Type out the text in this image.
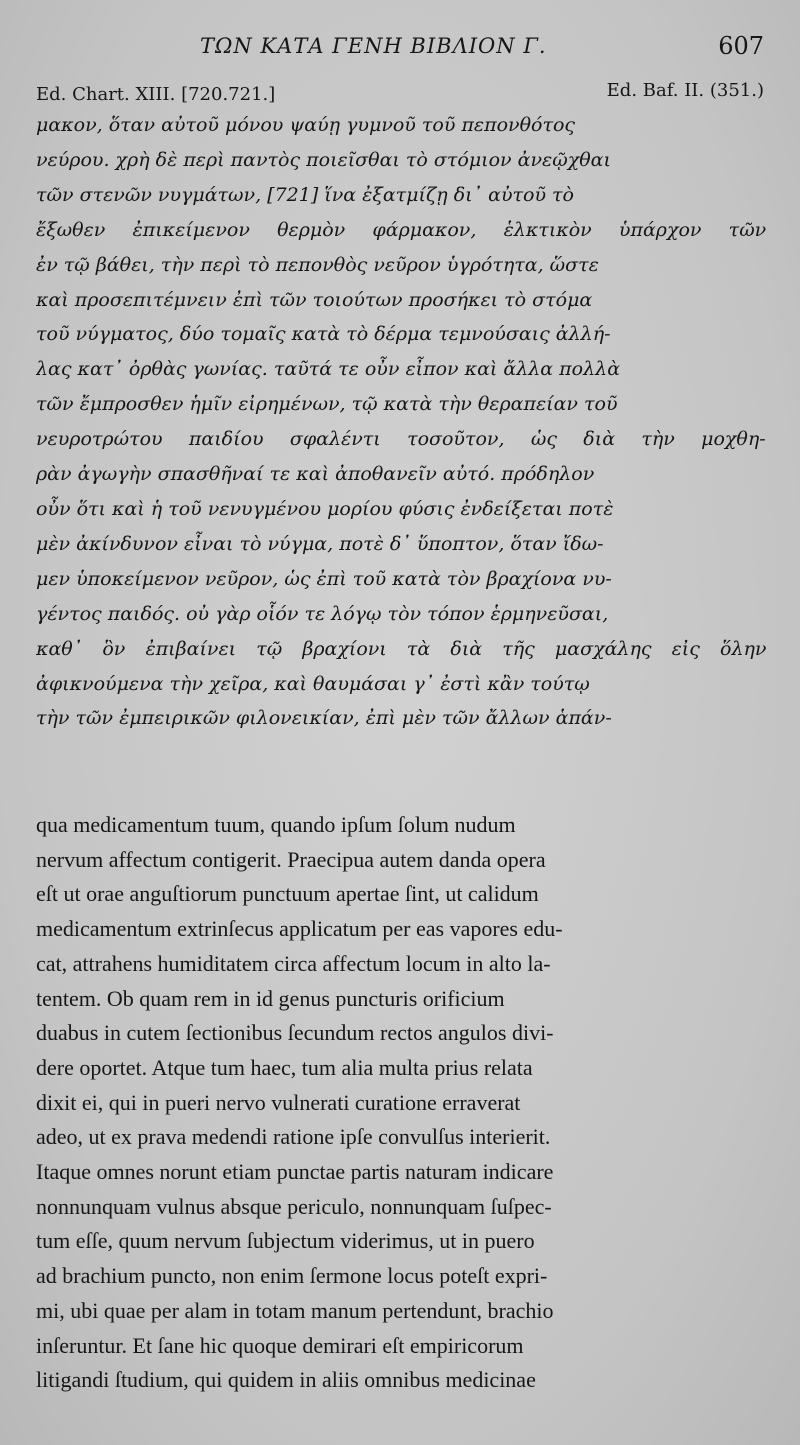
ΤΩΝ ΚΑΤΑ ΓΕΝΗ ΒΙΒΛΙΟΝ Γ.	607
Ed. Chart. XIII. [720.721.]	Ed. Baf. II. (351.)
μακον, ὅταν αὐτοῦ μόνου ψαύῃ γυμνοῦ τοῦ πεπονθότος
νεύρου. χρὴ δὲ περὶ παντὸς ποιεῖσθαι τὸ στόμιον ἀνεῷχθαι
τῶν στενῶν νυγμάτων, [721] ἵνα ἐξατμίζῃ δι᾽ αὐτοῦ τὸ
ἔξωθεν ἐπικείμενον θερμὸν φάρμακον, ἑλκτικὸν ὑπάρχον τῶν
ἐν τῷ βάθει, τὴν περὶ τὸ πεπονθὸς νεῦρον ὑγρότητα, ὥστε
καὶ προσεπιτέμνειν ἐπὶ τῶν τοιούτων προσήκει τὸ στόμα
τοῦ νύγματος, δύο τομαῖς κατὰ τὸ δέρμα τεμνούσαις ἀλλή-
λας κατ᾽ ὀρθὰς γωνίας. ταῦτά τε οὖν εἶπον καὶ ἄλλα πολλὰ
τῶν ἔμπροσθεν ἡμῖν εἰρημένων, τῷ κατὰ τὴν θεραπείαν τοῦ
νευροτρώτου παιδίου σφαλέντι τοσοῦτον, ὡς διὰ τὴν μοχθη-
ρὰν ἀγωγὴν σπασθῆναί τε καὶ ἀποθανεῖν αὐτό. πρόδηλον
οὖν ὅτι καὶ ἡ τοῦ νενυγμένου μορίου φύσις ἐνδείξεται ποτὲ
μὲν ἀκίνδυνον εἶναι τὸ νύγμα, ποτὲ δ᾽ ὕποπτον, ὅταν ἴδω-
μεν ὑποκείμενον νεῦρον, ὡς ἐπὶ τοῦ κατὰ τὸν βραχίονα νυ-
γέντος παιδός. οὐ γὰρ οἷόν τε λόγῳ τὸν τόπον ἑρμηνεῦσαι,
καθ᾽ ὃν ἐπιβαίνει τῷ βραχίονι τὰ διὰ τῆς μασχάλης εἰς ὅλην
ἀφικνούμενα τὴν χεῖρα, καὶ θαυμάσαι γ᾽ ἐστὶ κἂν τούτῳ
τὴν τῶν ἐμπειρικῶν φιλονεικίαν, ἐπὶ μὲν τῶν ἄλλων ἁπάν-
qua medicamentum tuum, quando ipſum ſolum nudum
nervum affectum contigerit. Praecipua autem danda opera
eſt ut orae anguſtiorum punctuum apertae ſint, ut calidum
medicamentum extrinſecus applicatum per eas vapores edu-
cat, attrahens humiditatem circa affectum locum in alto la-
tentem. Ob quam rem in id genus puncturis orificium
duabus in cutem ſectionibus ſecundum rectos angulos divi-
dere oportet. Atque tum haec, tum alia multa prius relata
dixit ei, qui in pueri nervo vulnerati curatione erraverat
adeo, ut ex prava medendi ratione ipſe convulſus interierit.
Itaque omnes norunt etiam punctae partis naturam indicare
nonnunquam vulnus absque periculo, nonnunquam ſuſpec-
tum eſſe, quum nervum ſubjectum viderimus, ut in puero
ad brachium puncto, non enim ſermone locus poteſt expri-
mi, ubi quae per alam in totam manum pertendunt, brachio
inſeruntur. Et ſane hic quoque demirari eſt empiricorum
litigandi ſtudium, qui quidem in aliis omnibus medicinae
